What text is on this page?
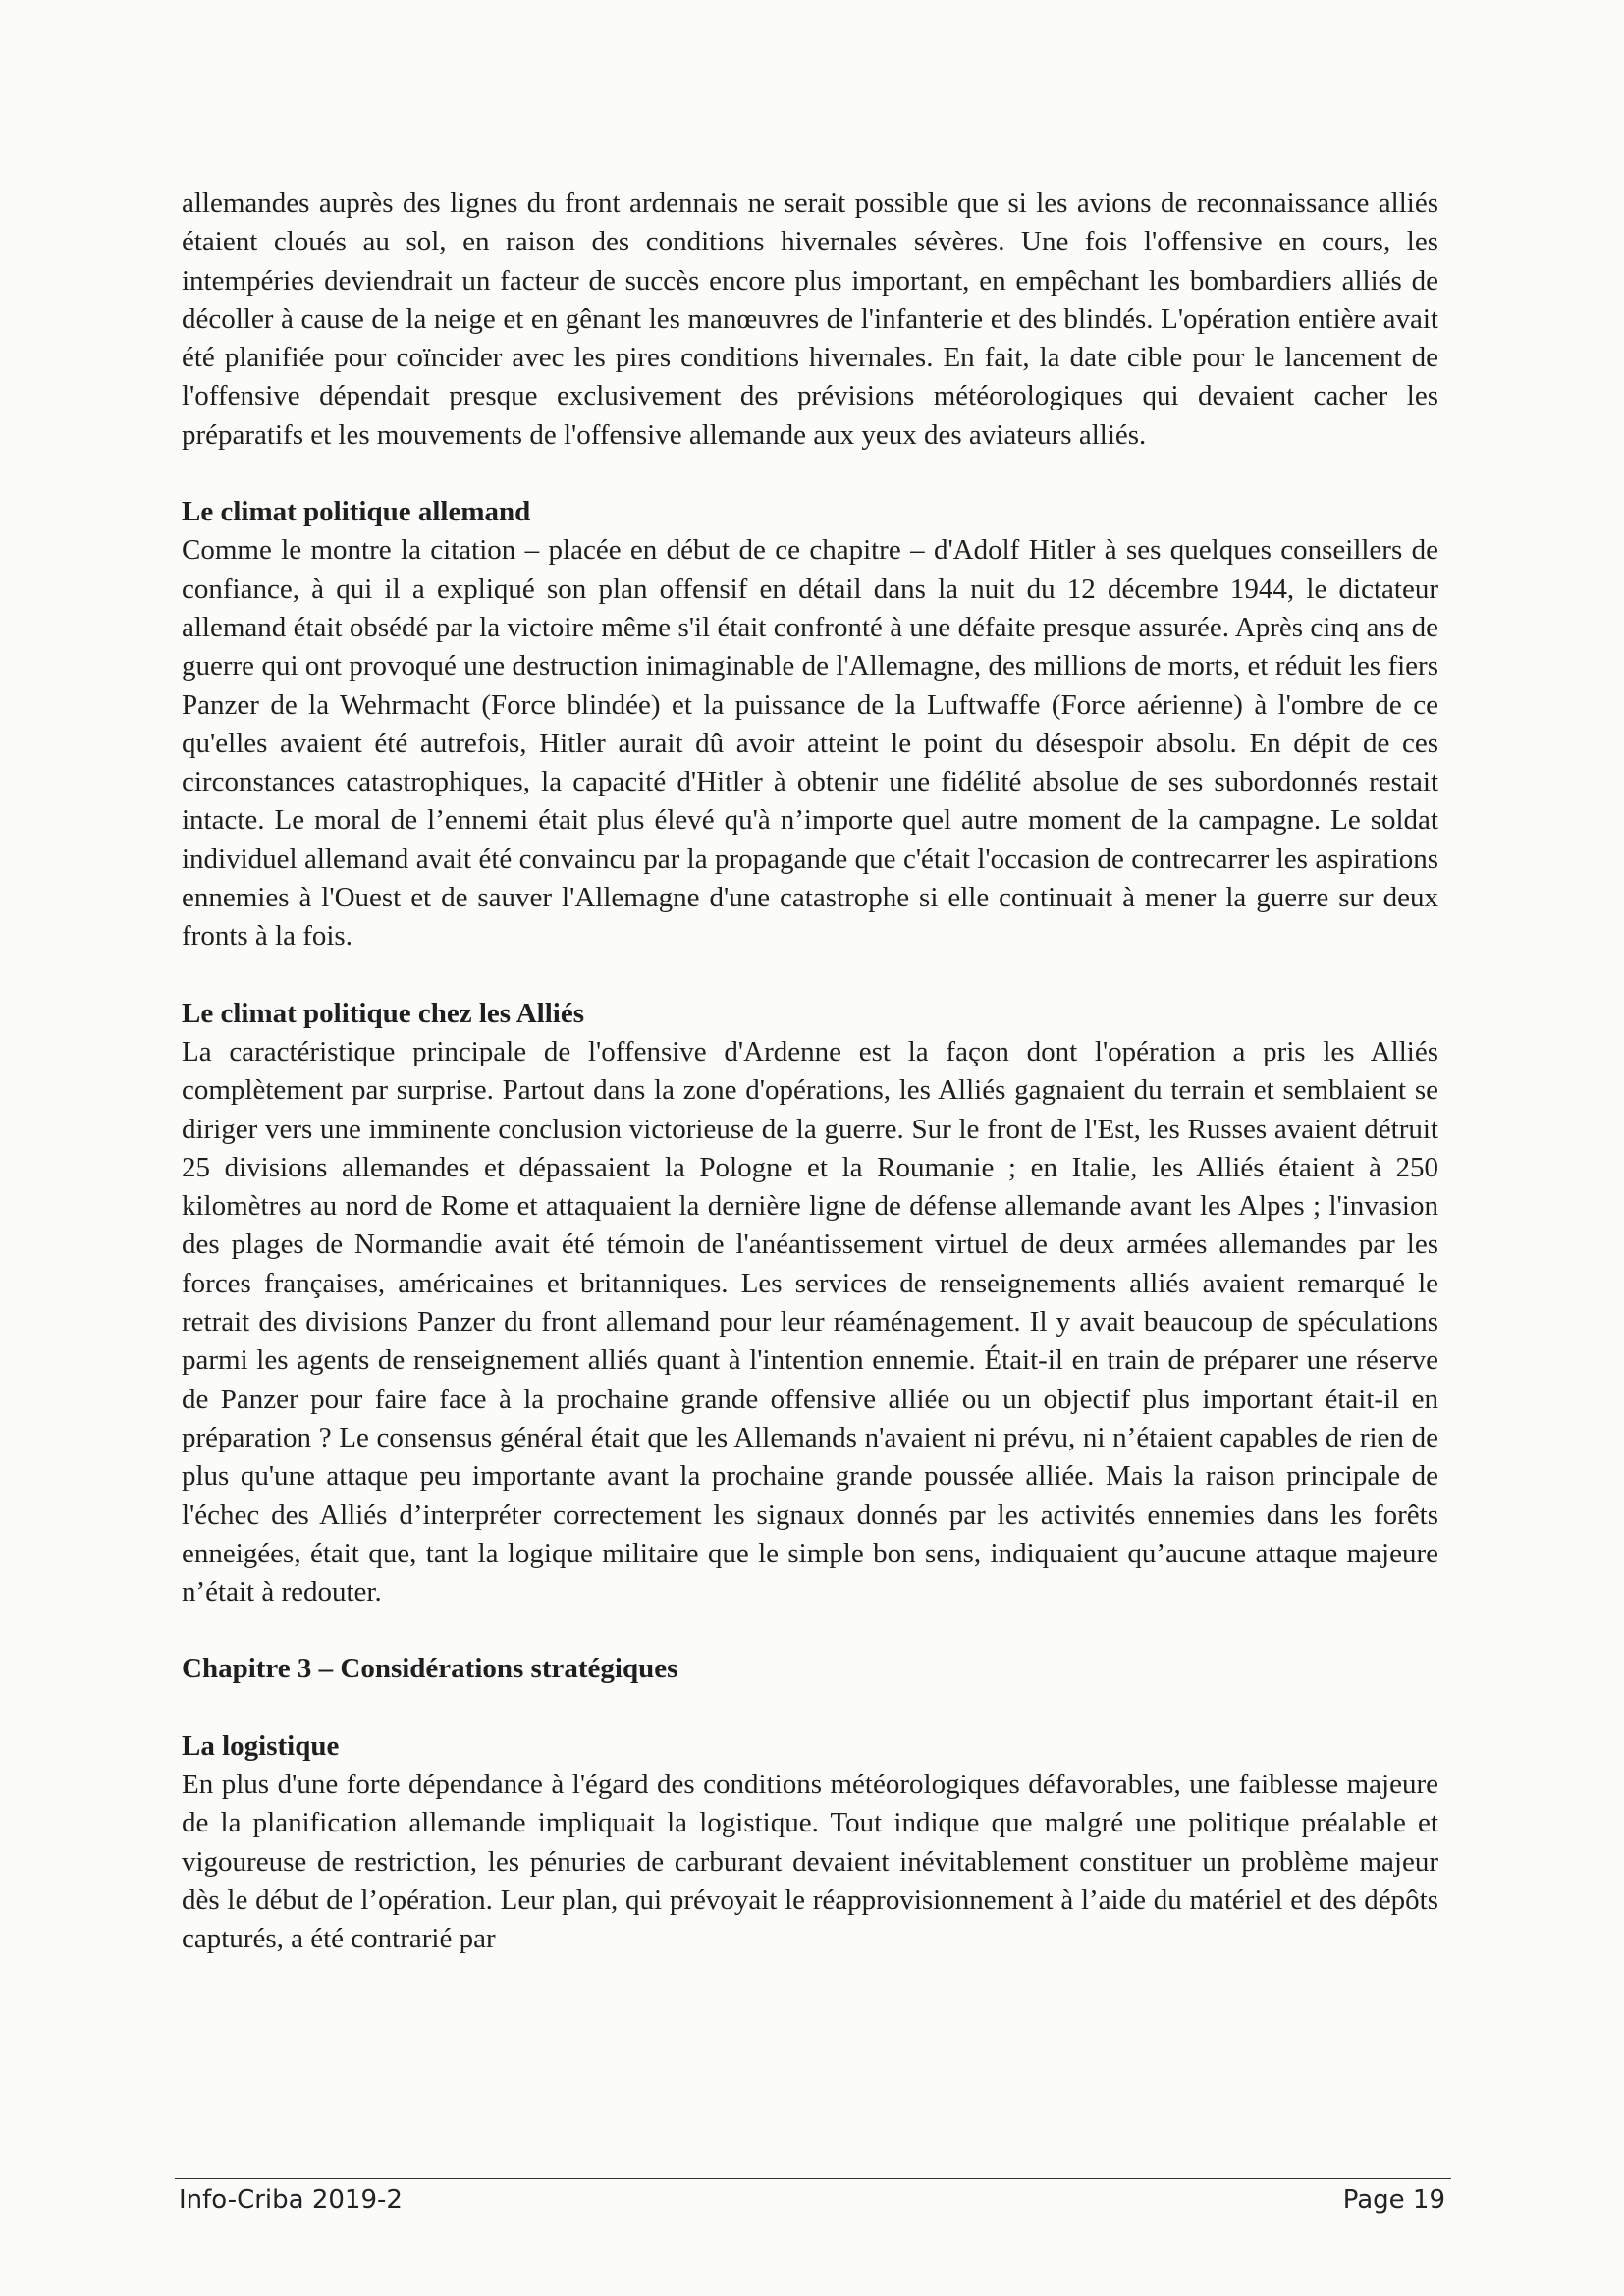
allemandes auprès des lignes du front ardennais ne serait possible que si les avions de reconnaissance alliés étaient cloués au sol, en raison des conditions hivernales sévères. Une fois l'offensive en cours, les intempéries deviendrait un facteur de succès encore plus important, en empêchant les bombardiers alliés de décoller à cause de la neige et en gênant les manœuvres de l'infanterie et des blindés. L'opération entière avait été planifiée pour coïncider avec les pires conditions hivernales. En fait, la date cible pour le lancement de l'offensive dépendait presque exclusivement des prévisions météorologiques qui devaient cacher les préparatifs et les mouvements de l'offensive allemande aux yeux des aviateurs alliés.

Le climat politique allemand

Comme le montre la citation – placée en début de ce chapitre – d'Adolf Hitler à ses quelques conseillers de confiance, à qui il a expliqué son plan offensif en détail dans la nuit du 12 décembre 1944, le dictateur allemand était obsédé par la victoire même s'il était confronté à une défaite presque assurée. Après cinq ans de guerre qui ont provoqué une destruction inimaginable de l'Allemagne, des millions de morts, et réduit les fiers Panzer de la Wehrmacht (Force blindée) et la puissance de la Luftwaffe (Force aérienne) à l'ombre de ce qu'elles avaient été autrefois, Hitler aurait dû avoir atteint le point du désespoir absolu. En dépit de ces circonstances catastrophiques, la capacité d'Hitler à obtenir une fidélité absolue de ses subordonnés restait intacte. Le moral de l’ennemi était plus élevé qu'à n’importe quel autre moment de la campagne. Le soldat individuel allemand avait été convaincu par la propagande que c'était l'occasion de contrecarrer les aspirations ennemies à l'Ouest et de sauver l'Allemagne d'une catastrophe si elle continuait à mener la guerre sur deux fronts à la fois.

Le climat politique chez les Alliés

La caractéristique principale de l'offensive d'Ardenne est la façon dont l'opération a pris les Alliés complètement par surprise. Partout dans la zone d'opérations, les Alliés gagnaient du terrain et semblaient se diriger vers une imminente conclusion victorieuse de la guerre. Sur le front de l'Est, les Russes avaient détruit 25 divisions allemandes et dépassaient la Pologne et la Roumanie ; en Italie, les Alliés étaient à 250 kilomètres au nord de Rome et attaquaient la dernière ligne de défense allemande avant les Alpes ; l'invasion des plages de Normandie avait été témoin de l'anéantissement virtuel de deux armées allemandes par les forces françaises, américaines et britanniques. Les services de renseignements alliés avaient remarqué le retrait des divisions Panzer du front allemand pour leur réaménagement. Il y avait beaucoup de spéculations parmi les agents de renseignement alliés quant à l'intention ennemie. Était-il en train de préparer une réserve de Panzer pour faire face à la prochaine grande offensive alliée ou un objectif plus important était-il en préparation ? Le consensus général était que les Allemands n'avaient ni prévu, ni n’étaient capables de rien de plus qu'une attaque peu importante avant la prochaine grande poussée alliée. Mais la raison principale de l'échec des Alliés d’interpréter correctement les signaux donnés par les activités ennemies dans les forêts enneigées, était que, tant la logique militaire que le simple bon sens, indiquaient qu’aucune attaque majeure n’était à redouter.

Chapitre 3 – Considérations stratégiques
La logistique

En plus d'une forte dépendance à l'égard des conditions météorologiques défavorables, une faiblesse majeure de la planification allemande impliquait la logistique. Tout indique que malgré une politique préalable et vigoureuse de restriction, les pénuries de carburant devaient inévitablement constituer un problème majeur dès le début de l’opération. Leur plan, qui prévoyait le réapprovisionnement à l’aide du matériel et des dépôts capturés, a été contrarié par

Info-Criba 2019-2	Page 19
